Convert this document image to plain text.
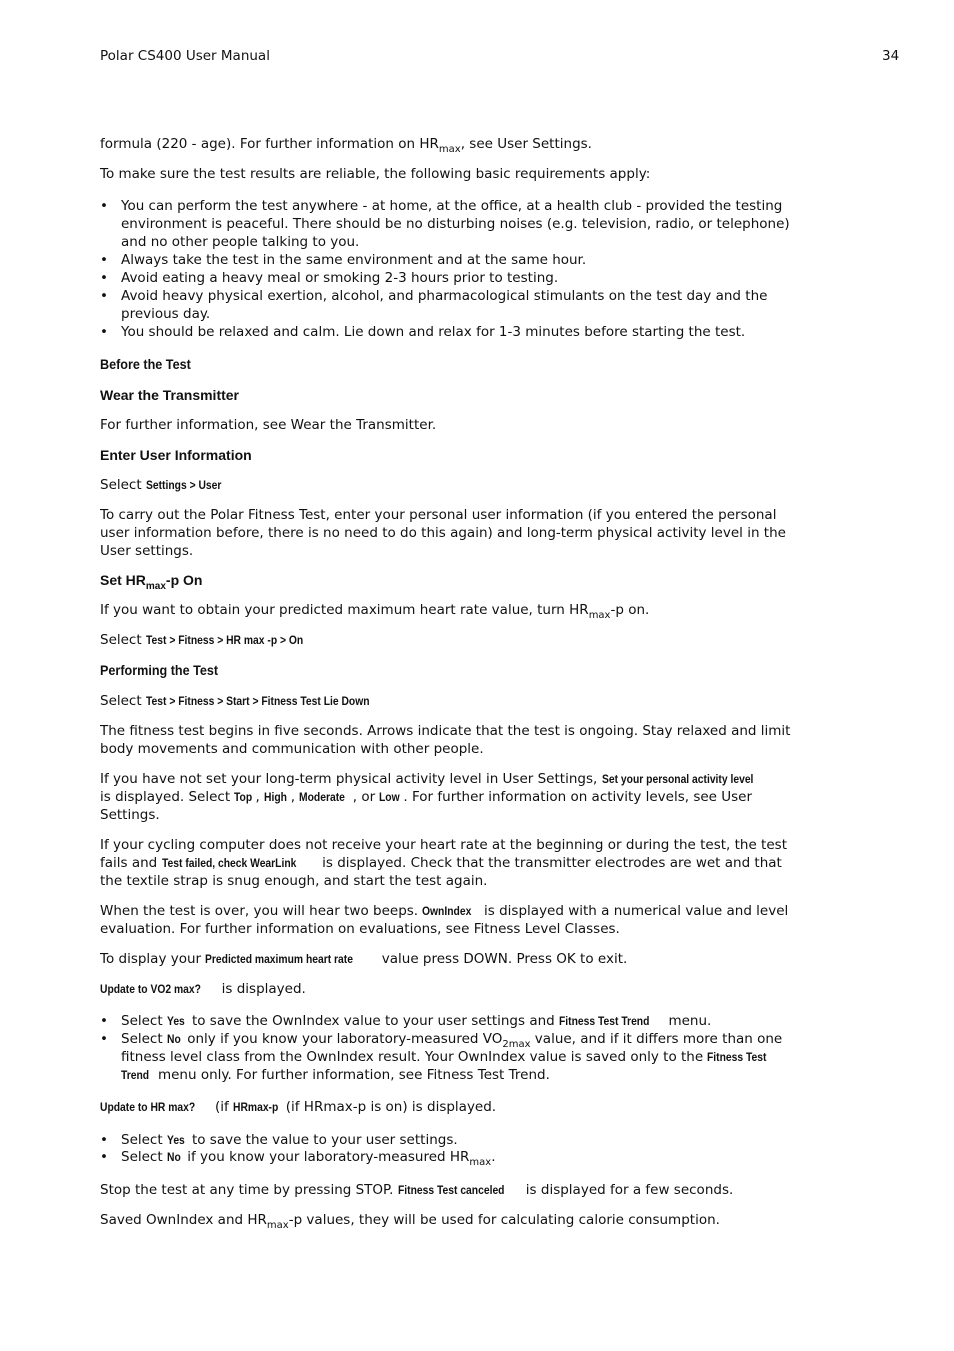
Polar CS400 User Manual	34
formula (220 - age). For further information on $HR_{max}$, see User Settings.
To make sure the test results are reliable, the following basic requirements apply:
• You can perform the test anywhere - at home, at the office, at a health club - provided the testing
environment is peaceful. There should be no disturbing noises (e.g. television, radio, or telephone)
and no other people talking to you.
• Always take the test in the same environment and at the same hour.
• Avoid eating a heavy meal or smoking 2-3 hours prior to testing.
• Avoid heavy physical exertion, alcohol, and pharmacological stimulants on the test day and the
previous day.
• You should be relaxed and calm. Lie down and relax for 1-3 minutes before starting the test.
Before the Test
Wear the Transmitter
For further information, see Wear the Transmitter.
Enter User Information
Select Settings > User
To carry out the Polar Fitness Test, enter your personal user information (if you entered the personal
user information before, there is no need to do this again) and long-term physical activity level in the
User settings.
Set $HR_{max}-p$ On
If you want to obtain your predicted maximum heart rate value, turn $HR_{max}-p$ on.
Select Test > Fitness > HR max -p > On
Performing the Test
Select Test > Fitness > Start > Fitness Test Lie Down
The fitness test begins in five seconds. Arrows indicate that the test is ongoing. Stay relaxed and limit
body movements and communication with other people.
If you have not set your long-term physical activity level in User Settings, Set your personal activity level
is displayed. Select Top , High , Moderate , or Low . For further information on activity levels, see User
Settings.
If your cycling computer does not receive your heart rate at the beginning or during the test, the test
fails and Test failed, check WearLink is displayed. Check that the transmitter electrodes are wet and that
the textile strap is snug enough, and start the test again.
When the test is over, you will hear two beeps. OwnIndex is displayed with a numerical value and level
evaluation. For further information on evaluations, see Fitness Level Classes.
To display your Predicted maximum heart rate value press DOWN. Press OK to exit.
Update to VO2 max? is displayed.
• Select Yes to save the OwnIndex value to your user settings and Fitness Test Trend menu.
• Select No only if you know your laboratory-measured $VO_{2max}$ value, and if it differs more than one
fitness level class from the OwnIndex result. Your OwnIndex value is saved only to the Fitness Test
Trend menu only. For further information, see Fitness Test Trend.
Update to HR max? (if HRmax-p (if HRmax-p is on) is displayed.
• Select Yes to save the value to your user settings.
• Select No if you know your laboratory-measured $HR_{max}$.
Stop the test at any time by pressing STOP. Fitness Test canceled is displayed for a few seconds.
Saved OwnIndex and $HR_{max}-p$ values, they will be used for calculating calorie consumption.
